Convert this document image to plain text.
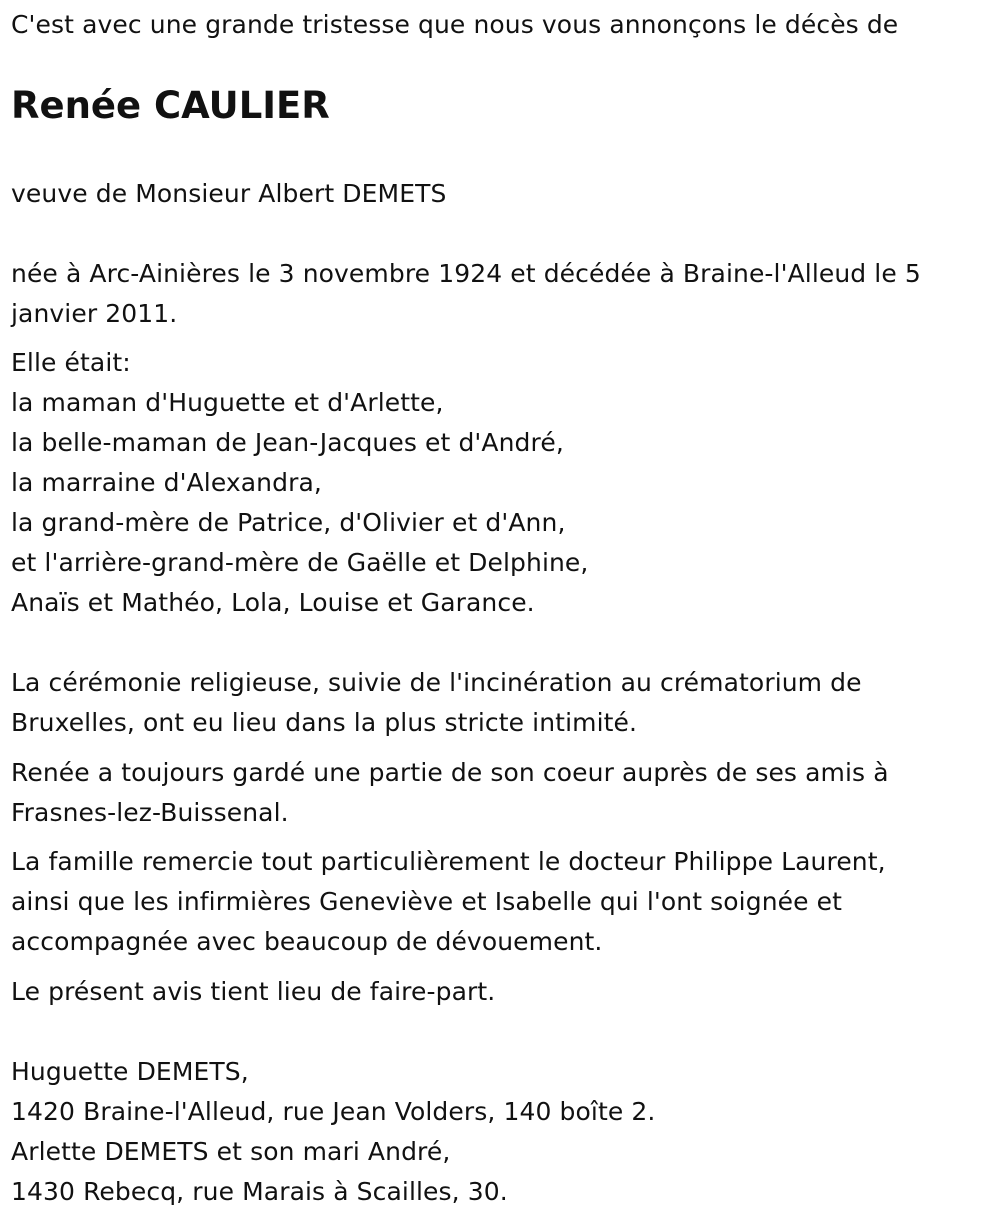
C'est avec une grande tristesse que nous vous annonçons le décès de
Renée CAULIER
veuve de Monsieur Albert DEMETS
née à Arc-Ainières le 3 novembre 1924 et décédée à Braine-l'Alleud le 5
janvier 2011.
Elle était:
la maman d'Huguette et d'Arlette,
la belle-maman de Jean-Jacques et d'André,
la marraine d'Alexandra,
la grand-mère de Patrice, d'Olivier et d'Ann,
et l'arrière-grand-mère de Gaëlle et Delphine,
Anaïs et Mathéo, Lola, Louise et Garance.
La cérémonie religieuse, suivie de l'incinération au crématorium de
Bruxelles, ont eu lieu dans la plus stricte intimité.
Renée a toujours gardé une partie de son coeur auprès de ses amis à
Frasnes-lez-Buissenal.
La famille remercie tout particulièrement le docteur Philippe Laurent,
ainsi que les infirmières Geneviève et Isabelle qui l'ont soignée et
accompagnée avec beaucoup de dévouement.
Le présent avis tient lieu de faire-part.
Huguette DEMETS,
1420 Braine-l'Alleud, rue Jean Volders, 140 boîte 2.
Arlette DEMETS et son mari André,
1430 Rebecq, rue Marais à Scailles, 30.
